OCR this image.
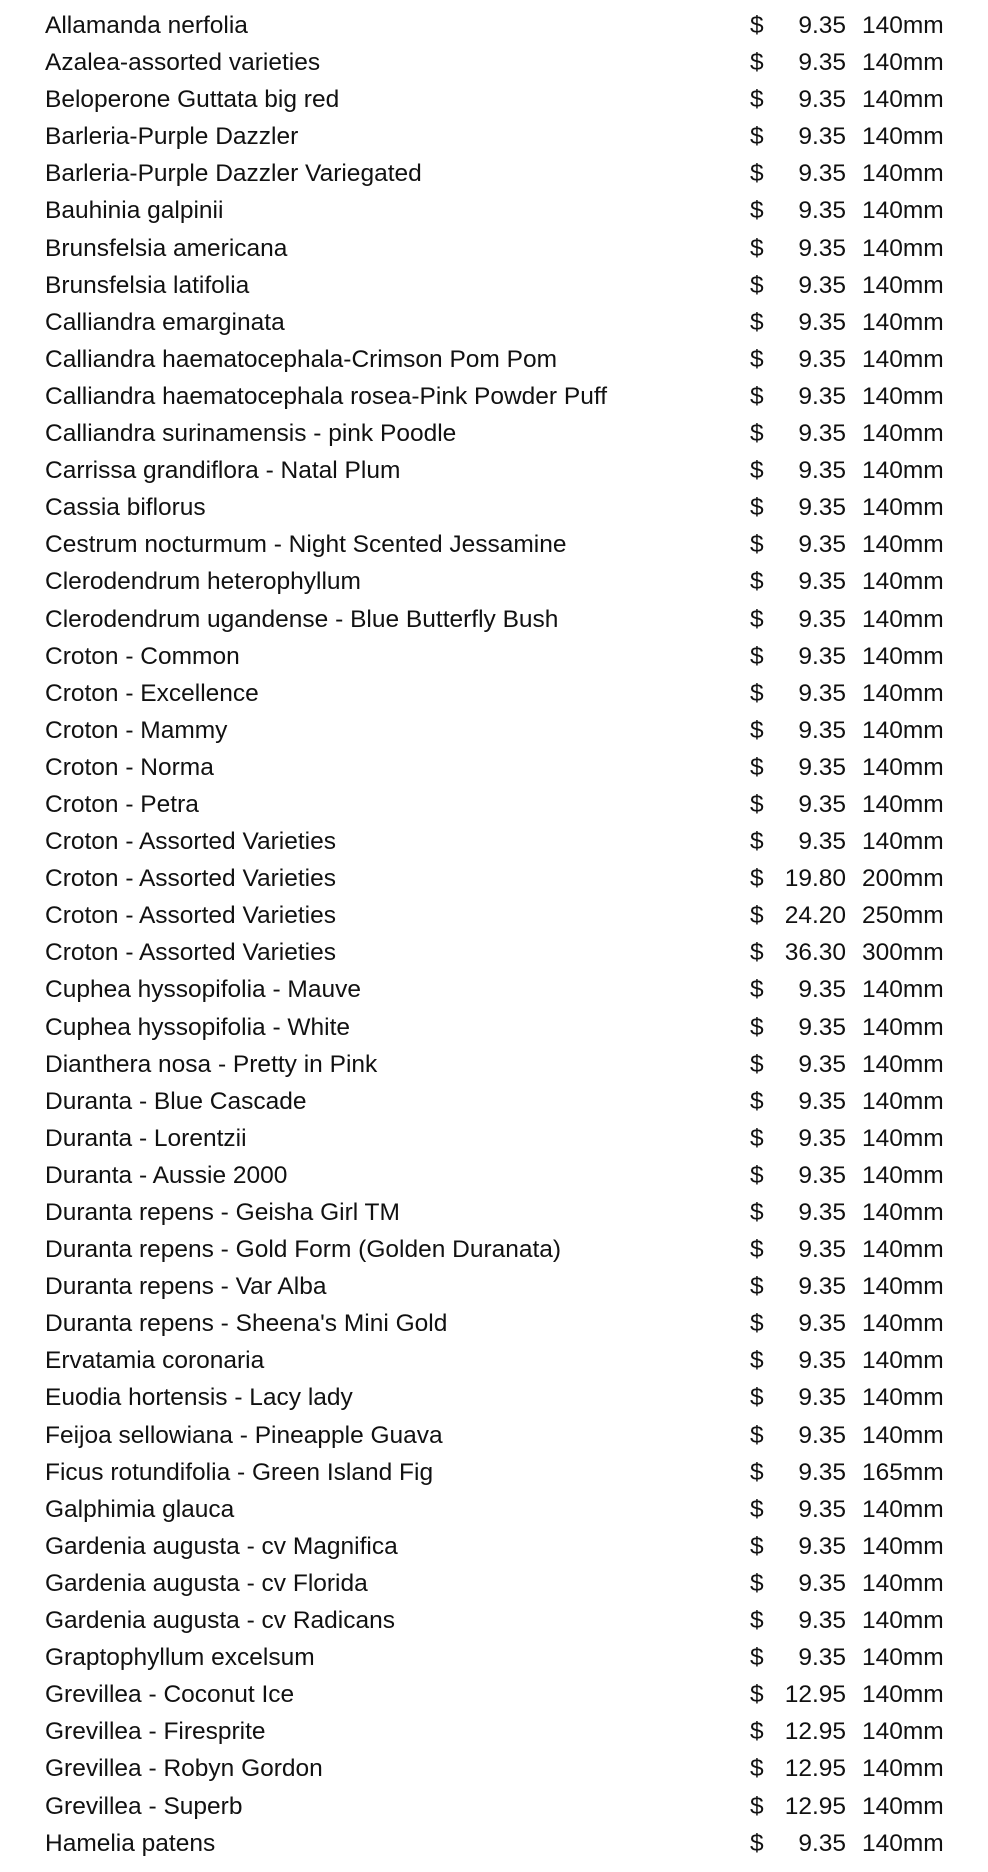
Allamanda nerfolia	$ 9.35 140mm
Azalea-assorted varieties	$ 9.35 140mm
Beloperone Guttata big red	$ 9.35 140mm
Barleria-Purple Dazzler	$ 9.35 140mm
Barleria-Purple Dazzler Variegated	$ 9.35 140mm
Bauhinia galpinii	$ 9.35 140mm
Brunsfelsia americana	$ 9.35 140mm
Brunsfelsia latifolia	$ 9.35 140mm
Calliandra emarginata	$ 9.35 140mm
Calliandra haematocephala-Crimson Pom Pom	$ 9.35 140mm
Calliandra haematocephala rosea-Pink Powder Puff	$ 9.35 140mm
Calliandra surinamensis - pink Poodle	$ 9.35 140mm
Carrissa grandiflora - Natal Plum	$ 9.35 140mm
Cassia biflorus	$ 9.35 140mm
Cestrum nocturmum - Night Scented Jessamine	$ 9.35 140mm
Clerodendrum heterophyllum	$ 9.35 140mm
Clerodendrum ugandense - Blue Butterfly Bush	$ 9.35 140mm
Croton - Common	$ 9.35 140mm
Croton - Excellence	$ 9.35 140mm
Croton - Mammy	$ 9.35 140mm
Croton - Norma	$ 9.35 140mm
Croton - Petra	$ 9.35 140mm
Croton - Assorted Varieties	$ 9.35 140mm
Croton - Assorted Varieties	$ 19.80 200mm
Croton - Assorted Varieties	$ 24.20 250mm
Croton - Assorted Varieties	$ 36.30 300mm
Cuphea hyssopifolia - Mauve	$ 9.35 140mm
Cuphea hyssopifolia - White	$ 9.35 140mm
Dianthera nosa - Pretty in Pink	$ 9.35 140mm
Duranta - Blue Cascade	$ 9.35 140mm
Duranta - Lorentzii	$ 9.35 140mm
Duranta - Aussie 2000	$ 9.35 140mm
Duranta repens - Geisha Girl TM	$ 9.35 140mm
Duranta repens - Gold Form (Golden Duranata)	$ 9.35 140mm
Duranta repens - Var Alba	$ 9.35 140mm
Duranta repens - Sheena's Mini Gold	$ 9.35 140mm
Ervatamia coronaria	$ 9.35 140mm
Euodia hortensis - Lacy lady	$ 9.35 140mm
Feijoa sellowiana - Pineapple Guava	$ 9.35 140mm
Ficus rotundifolia - Green Island Fig	$ 9.35 165mm
Galphimia glauca	$ 9.35 140mm
Gardenia augusta - cv Magnifica	$ 9.35 140mm
Gardenia augusta - cv Florida	$ 9.35 140mm
Gardenia augusta - cv Radicans	$ 9.35 140mm
Graptophyllum excelsum	$ 9.35 140mm
Grevillea - Coconut Ice	$ 12.95 140mm
Grevillea - Firesprite	$ 12.95 140mm
Grevillea - Robyn Gordon	$ 12.95 140mm
Grevillea - Superb	$ 12.95 140mm
Hamelia patens	$ 9.35 140mm
